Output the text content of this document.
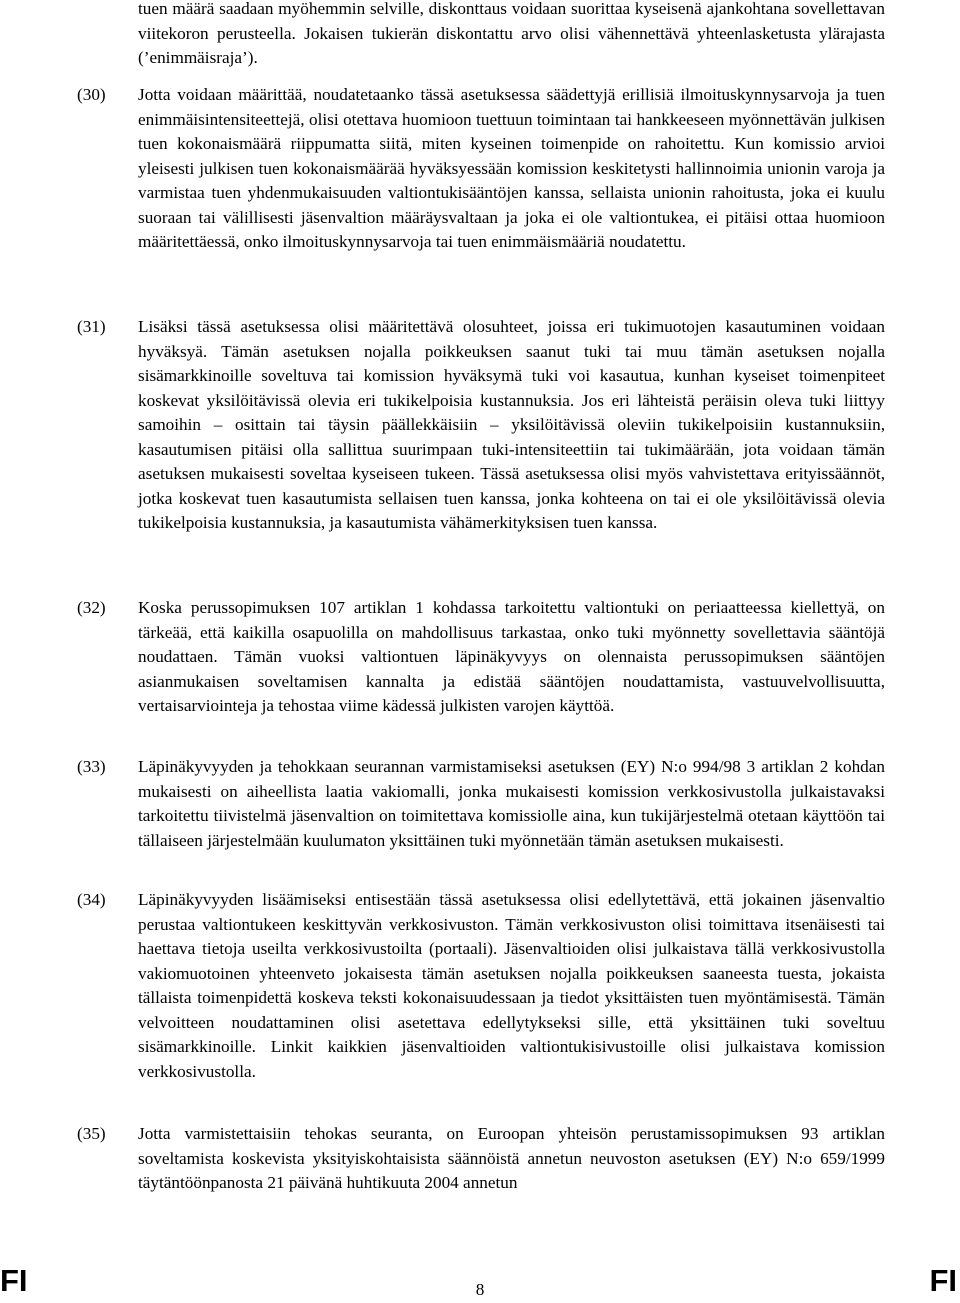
tuen määrä saadaan myöhemmin selville, diskonttaus voidaan suorittaa kyseisenä ajankohtana sovellettavan viitekoron perusteella. Jokaisen tukierän diskontattu arvo olisi vähennettävä yhteenlasketusta ylärajasta (’enimmäisraja’).

(30) Jotta voidaan määrittää, noudatetaanko tässä asetuksessa säädettyjä erillisiä ilmoituskynnysarvoja ja tuen enimmäisintensiteettejä, olisi otettava huomioon tuettuun toimintaan tai hankkeeseen myönnettävän julkisen tuen kokonaismäärä riippumatta siitä, miten kyseinen toimenpide on rahoitettu. Kun komissio arvioi yleisesti julkisen tuen kokonaismäärää hyväksyessään komission keskitetysti hallinnoimia unionin varoja ja varmistaa tuen yhdenmukaisuuden valtiontukisääntöjen kanssa, sellaista unionin rahoitusta, joka ei kuulu suoraan tai välillisesti jäsenvaltion määräysvaltaan ja joka ei ole valtiontukea, ei pitäisi ottaa huomioon määritettäessä, onko ilmoituskynnysarvoja tai tuen enimmäismääriä noudatettu.

(31) Lisäksi tässä asetuksessa olisi määritettävä olosuhteet, joissa eri tukimuotojen kasautuminen voidaan hyväksyä. Tämän asetuksen nojalla poikkeuksen saanut tuki tai muu tämän asetuksen nojalla sisämarkkinoille soveltuva tai komission hyväksymä tuki voi kasautua, kunhan kyseiset toimenpiteet koskevat yksilöitävissä olevia eri tukikelpoisia kustannuksia. Jos eri lähteistä peräisin oleva tuki liittyy samoihin – osittain tai täysin päällekkäisiin – yksilöitävissä oleviin tukikelpoisiin kustannuksiin, kasautumisen pitäisi olla sallittua suurimpaan tuki-intensiteettiin tai tukimäärään, jota voidaan tämän asetuksen mukaisesti soveltaa kyseiseen tukeen. Tässä asetuksessa olisi myös vahvistettava erityissäännöt, jotka koskevat tuen kasautumista sellaisen tuen kanssa, jonka kohteena on tai ei ole yksilöitävissä olevia tukikelpoisia kustannuksia, ja kasautumista vähämerkityksisen tuen kanssa.

(32) Koska perussopimuksen 107 artiklan 1 kohdassa tarkoitettu valtiontuki on periaatteessa kiellettyä, on tärkeää, että kaikilla osapuolilla on mahdollisuus tarkastaa, onko tuki myönnetty sovellettavia sääntöjä noudattaen. Tämän vuoksi valtiontuen läpinäkyvyys on olennaista perussopimuksen sääntöjen asianmukaisen soveltamisen kannalta ja edistää sääntöjen noudattamista, vastuuvelvollisuutta, vertaisarviointeja ja tehostaa viime kädessä julkisten varojen käyttöä.

(33) Läpinäkyvyyden ja tehokkaan seurannan varmistamiseksi asetuksen (EY) N:o 994/98 3 artiklan 2 kohdan mukaisesti on aiheellista laatia vakiomalli, jonka mukaisesti komission verkkosivustolla julkaistavaksi tarkoitettu tiivistelmä jäsenvaltion on toimitettava komissiolle aina, kun tukijärjestelmä otetaan käyttöön tai tällaiseen järjestelmään kuulumaton yksittäinen tuki myönnetään tämän asetuksen mukaisesti.

(34) Läpinäkyvyyden lisäämiseksi entisestään tässä asetuksessa olisi edellytettävä, että jokainen jäsenvaltio perustaa valtiontukeen keskittyvän verkkosivuston. Tämän verkkosivuston olisi toimittava itsenäisesti tai haettava tietoja useilta verkkosivustoilta (portaali). Jäsenvaltioiden olisi julkaistava tällä verkkosivustolla vakiomuotoinen yhteenveto jokaisesta tämän asetuksen nojalla poikkeuksen saaneesta tuesta, jokaista tällaista toimenpidettä koskeva teksti kokonaisuudessaan ja tiedot yksittäisten tuen myöntämisestä. Tämän velvoitteen noudattaminen olisi asetettava edellytykseksi sille, että yksittäinen tuki soveltuu sisämarkkinoille. Linkit kaikkien jäsenvaltioiden valtiontukisivustoille olisi julkaistava komission verkkosivustolla.

(35) Jotta varmistettaisiin tehokas seuranta, on Euroopan yhteisön perustamissopimuksen 93 artiklan soveltamista koskevista yksityiskohtaisista säännöistä annetun neuvoston asetuksen (EY) N:o 659/1999 täytäntöönpanosta 21 päivänä huhtikuuta 2004 annetun

FI	8	FI
